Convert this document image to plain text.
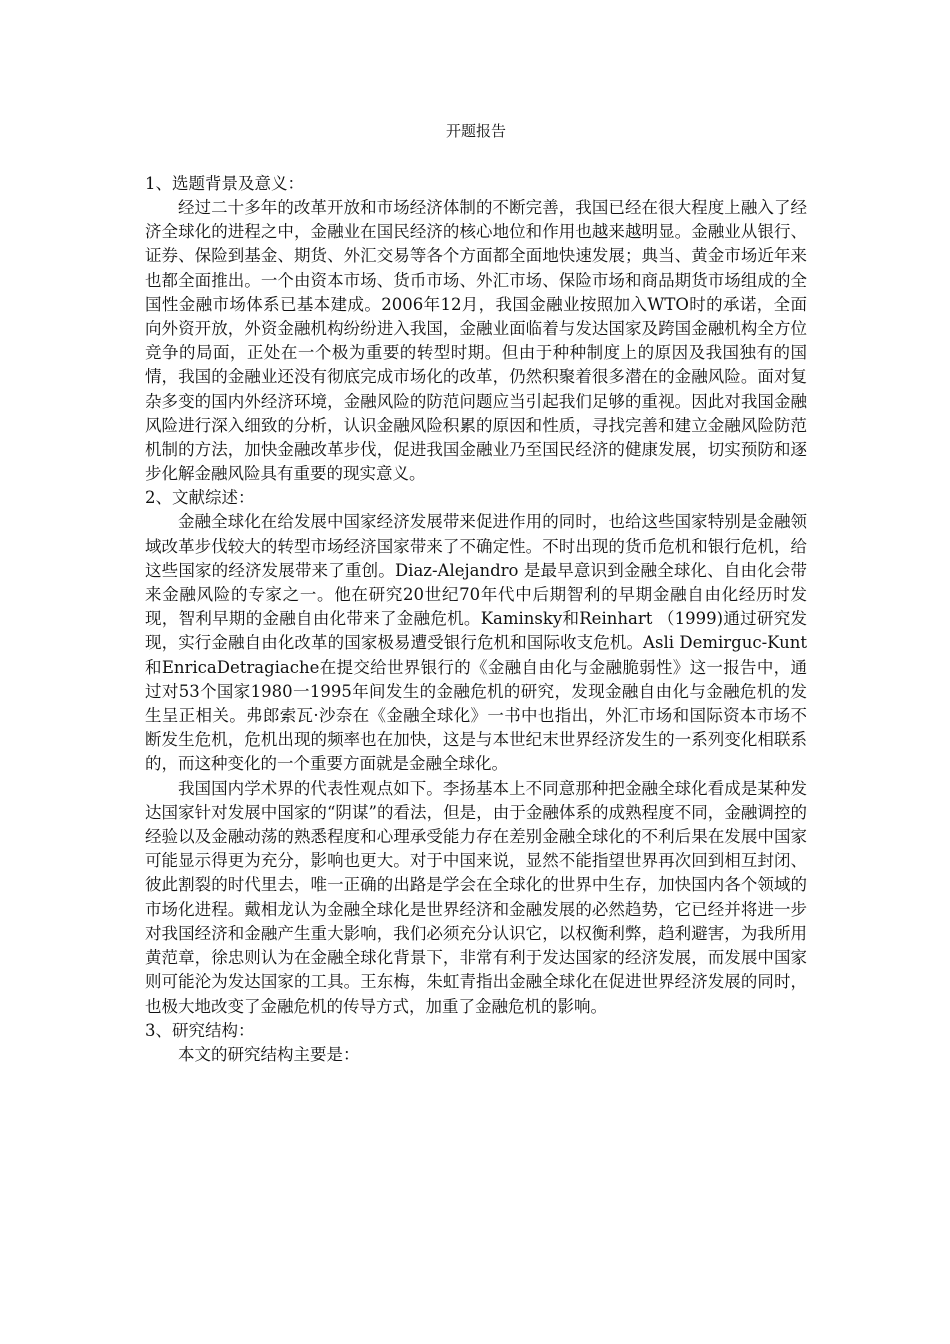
开题报告

1、选题背景及意义：

经过二十多年的改革开放和市场经济体制的不断完善，我国已经在很大程度上融入了经济全球化的进程之中，金融业在国民经济的核心地位和作用也越来越明显。金融业从银行、证券、保险到基金、期货、外汇交易等各个方面都全面地快速发展；典当、黄金市场近年来也都全面推出。一个由资本市场、货币市场、外汇市场、保险市场和商品期货市场组成的全国性金融市场体系已基本建成。2006年12月，我国金融业按照加入WTO时的承诺，全面向外资开放，外资金融机构纷纷进入我国，金融业面临着与发达国家及跨国金融机构全方位竞争的局面，正处在一个极为重要的转型时期。但由于种种制度上的原因及我国独有的国情，我国的金融业还没有彻底完成市场化的改革，仍然积聚着很多潜在的金融风险。面对复杂多变的国内外经济环境，金融风险的防范问题应当引起我们足够的重视。因此对我国金融风险进行深入细致的分析，认识金融风险积累的原因和性质，寻找完善和建立金融风险防范机制的方法，加快金融改革步伐，促进我国金融业乃至国民经济的健康发展，切实预防和逐步化解金融风险具有重要的现实意义。

2、文献综述：

金融全球化在给发展中国家经济发展带来促进作用的同时，也给这些国家特别是金融领域改革步伐较大的转型市场经济国家带来了不确定性。不时出现的货币危机和银行危机，给这些国家的经济发展带来了重创。Diaz-Alejandro 是最早意识到金融全球化、自由化会带来金融风险的专家之一。他在研究20世纪70年代中后期智利的早期金融自由化经历时发现，智利早期的金融自由化带来了金融危机。Kaminsky和Reinhart （1999)通过研究发现，实行金融自由化改革的国家极易遭受银行危机和国际收支危机。Asli Demirguc-Kunt 和EnricaDetragiache在提交给世界银行的《金融自由化与金融脆弱性》这一报告中，通过对53个国家1980一1995年间发生的金融危机的研究，发现金融自由化与金融危机的发生呈正相关。弗郎索瓦·沙奈在《金融全球化》一书中也指出，外汇市场和国际资本市场不断发生危机，危机出现的频率也在加快，这是与本世纪末世界经济发生的一系列变化相联系的，而这种变化的一个重要方面就是金融全球化。

我国国内学术界的代表性观点如下。李扬基本上不同意那种把金融全球化看成是某种发达国家针对发展中国家的“阴谋”的看法，但是，由于金融体系的成熟程度不同，金融调控的经验以及金融动荡的熟悉程度和心理承受能力存在差别金融全球化的不利后果在发展中国家可能显示得更为充分，影响也更大。对于中国来说，显然不能指望世界再次回到相互封闭、彼此割裂的时代里去，唯一正确的出路是学会在全球化的世界中生存，加快国内各个领域的市场化进程。戴相龙认为金融全球化是世界经济和金融发展的必然趋势，它已经并将进一步对我国经济和金融产生重大影响，我们必须充分认识它，以权衡利弊，趋利避害，为我所用黄范章，徐忠则认为在金融全球化背景下，非常有利于发达国家的经济发展，而发展中国家则可能沦为发达国家的工具。王东梅，朱虹青指出金融全球化在促进世界经济发展的同时，也极大地改变了金融危机的传导方式，加重了金融危机的影响。

3、研究结构：

本文的研究结构主要是：
